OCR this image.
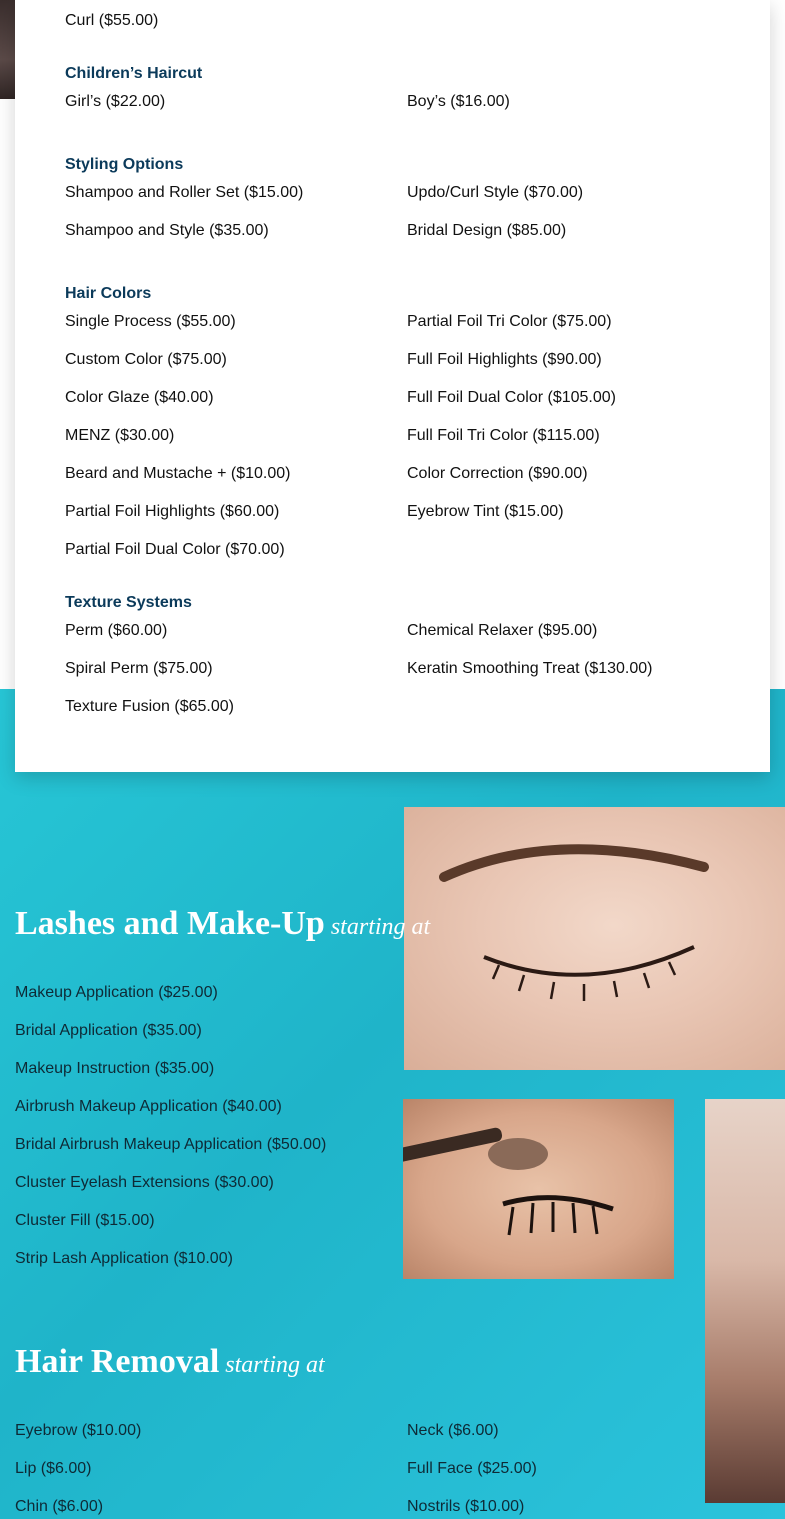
Curl ($55.00)
Children’s Haircut
Girl’s ($22.00)	Boy’s ($16.00)
Styling Options
Shampoo and Roller Set ($15.00)
Shampoo and Style ($35.00)
Updo/Curl Style ($70.00)
Bridal Design ($85.00)
Hair Colors
Single Process ($55.00)
Custom Color ($75.00)
Color Glaze ($40.00)
MENZ ($30.00)
Beard and Mustache + ($10.00)
Partial Foil Highlights ($60.00)
Partial Foil Dual Color ($70.00)
Partial Foil Tri Color ($75.00)
Full Foil Highlights ($90.00)
Full Foil Dual Color ($105.00)
Full Foil Tri Color ($115.00)
Color Correction ($90.00)
Eyebrow Tint ($15.00)
Texture Systems
Perm ($60.00)
Spiral Perm ($75.00)
Texture Fusion ($65.00)
Chemical Relaxer ($95.00)
Keratin Smoothing Treat ($130.00)
Lashes and Make-Up starting at
Makeup Application ($25.00)
Bridal Application ($35.00)
Makeup Instruction ($35.00)
Airbrush Makeup Application ($40.00)
Bridal Airbrush Makeup Application ($50.00)
Cluster Eyelash Extensions ($30.00)
Cluster Fill ($15.00)
Strip Lash Application ($10.00)
Hair Removal starting at
Eyebrow ($10.00)
Lip ($6.00)
Chin ($6.00)
Neck ($6.00)
Full Face ($25.00)
Nostrils ($10.00)
